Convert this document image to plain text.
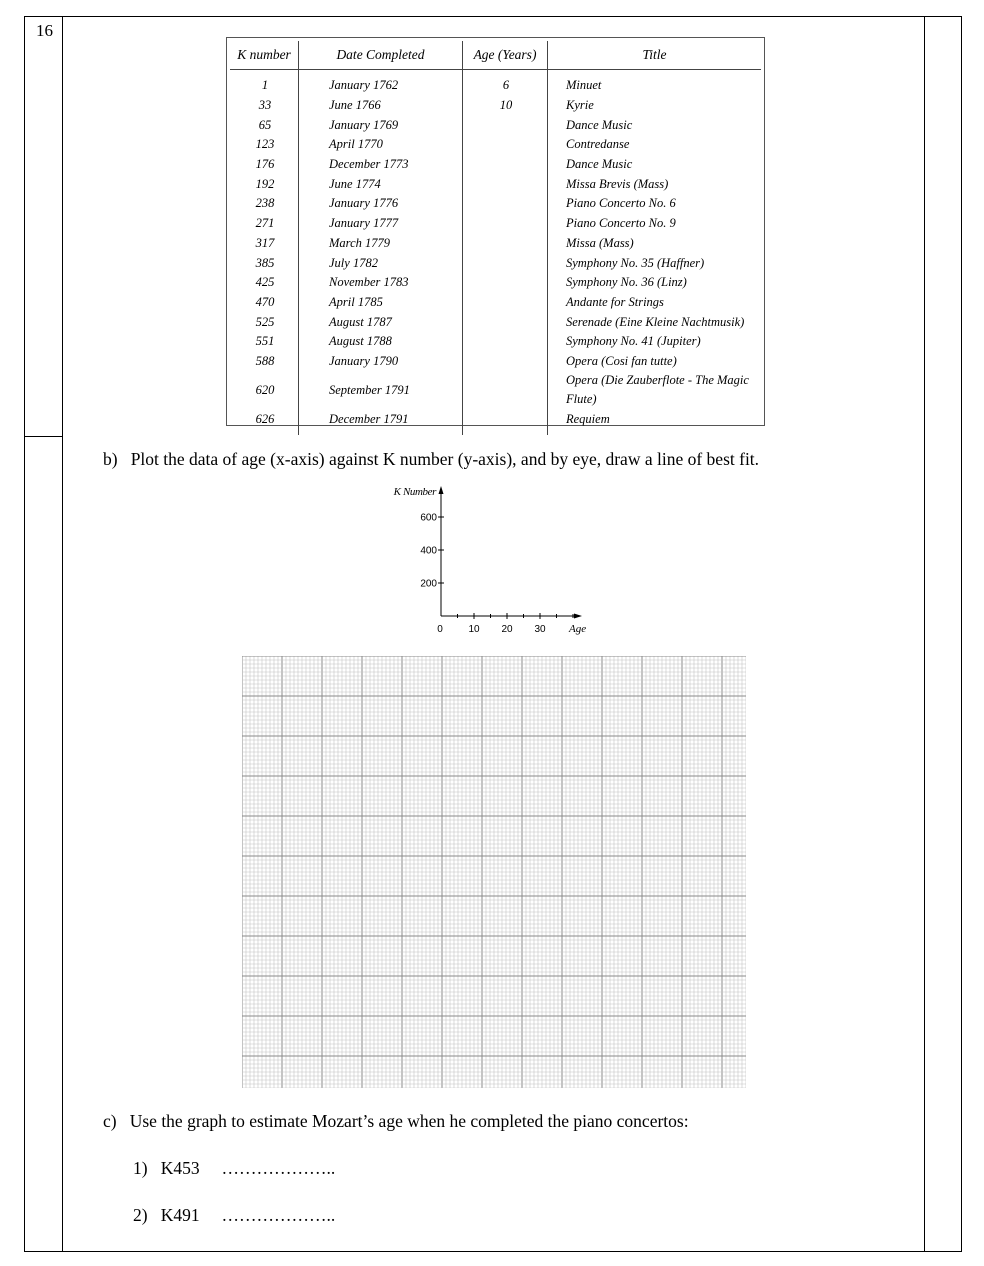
16
K number	Date Completed	Age (Years)	Title

1	January 1762	6	Minuet
33	June 1766	10	Kyrie
65	January 1769		Dance Music
123	April 1770		Contredanse
176	December 1773		Dance Music
192	June 1774		Missa Brevis (Mass)
238	January 1776		Piano Concerto No. 6
271	January 1777		Piano Concerto No. 9
317	March 1779		Missa (Mass)
385	July 1782		Symphony No. 35 (Haffner)
425	November 1783		Symphony No. 36 (Linz)
470	April 1785		Andante for Strings
525	August 1787		Serenade (Eine Kleine Nachtmusik)
551	August 1788		Symphony No. 41 (Jupiter)
588	January 1790		Opera (Cosi fan tutte)
620	September 1791		Opera (Die Zauberflote - The Magic Flute)
626	December 1791		Requiem

b) Plot the data of age (x-axis) against K number (y-axis), and by eye, draw a line of best fit.
200
400
600
10 20 30
K Number
Age
0
c) Use the graph to estimate Mozart’s age when he completed the piano concertos:
1) K453 ………………..
2) K491 ………………..
